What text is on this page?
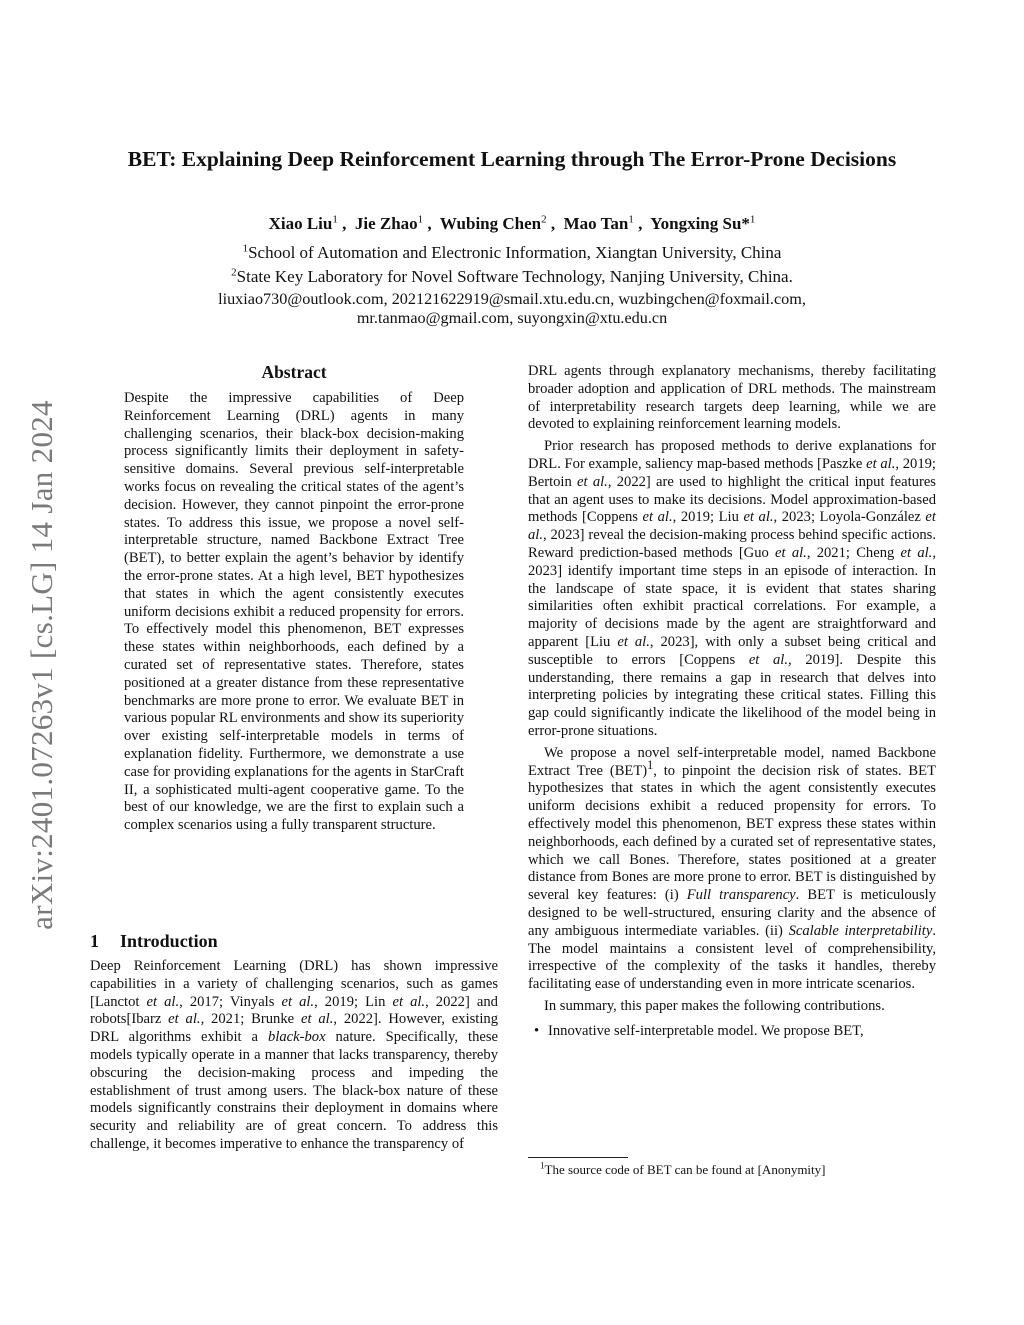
arXiv:2401.07263v1 [cs.LG] 14 Jan 2024
BET: Explaining Deep Reinforcement Learning through The Error-Prone Decisions
Xiao Liu$^1$ ,  Jie Zhao$^1$ ,  Wubing Chen$^2$ ,  Mao Tan$^1$ ,  Yongxing Su*$^1$
$^1$School of Automation and Electronic Information, Xiangtan University, China
$^2$State Key Laboratory for Novel Software Technology, Nanjing University, China.
liuxiao730@outlook.com, 202121622919@smail.xtu.edu.cn, wuzbingchen@foxmail.com,
mr.tanmao@gmail.com, suyongxin@xtu.edu.cn
Abstract

Despite the impressive capabilities of Deep Reinforcement Learning (DRL) agents in many challenging scenarios, their black-box decision-making process significantly limits their deployment in safety-sensitive domains. Several previous self-interpretable works focus on revealing the critical states of the agent’s decision. However, they cannot pinpoint the error-prone states. To address this issue, we propose a novel self-interpretable structure, named Backbone Extract Tree (BET), to better explain the agent’s behavior by identify the error-prone states. At a high level, BET hypothesizes that states in which the agent consistently executes uniform decisions exhibit a reduced propensity for errors. To effectively model this phenomenon, BET expresses these states within neighborhoods, each defined by a curated set of representative states. Therefore, states positioned at a greater distance from these representative benchmarks are more prone to error. We evaluate BET in various popular RL environments and show its superiority over existing self-interpretable models in terms of explanation fidelity. Furthermore, we demonstrate a use case for providing explanations for the agents in StarCraft II, a sophisticated multi-agent cooperative game. To the best of our knowledge, we are the first to explain such a complex scenarios using a fully transparent structure.

1 Introduction

Deep Reinforcement Learning (DRL) has shown impressive capabilities in a variety of challenging scenarios, such as games [Lanctot et al., 2017; Vinyals et al., 2019; Lin et al., 2022] and robots[Ibarz et al., 2021; Brunke et al., 2022]. However, existing DRL algorithms exhibit a black-box nature. Specifically, these models typically operate in a manner that lacks transparency, thereby obscuring the decision-making process and impeding the establishment of trust among users. The black-box nature of these models significantly constrains their deployment in domains where security and reliability are of great concern. To address this challenge, it becomes imperative to enhance the transparency of

DRL agents through explanatory mechanisms, thereby facilitating broader adoption and application of DRL methods. The mainstream of interpretability research targets deep learning, while we are devoted to explaining reinforcement learning models.

Prior research has proposed methods to derive explanations for DRL. For example, saliency map-based methods [Paszke et al., 2019; Bertoin et al., 2022] are used to highlight the critical input features that an agent uses to make its decisions. Model approximation-based methods [Coppens et al., 2019; Liu et al., 2023; Loyola-González et al., 2023] reveal the decision-making process behind specific actions. Reward prediction-based methods [Guo et al., 2021; Cheng et al., 2023] identify important time steps in an episode of interaction. In the landscape of state space, it is evident that states sharing similarities often exhibit practical correlations. For example, a majority of decisions made by the agent are straightforward and apparent [Liu et al., 2023], with only a subset being critical and susceptible to errors [Coppens et al., 2019]. Despite this understanding, there remains a gap in research that delves into interpreting policies by integrating these critical states. Filling this gap could significantly indicate the likelihood of the model being in error-prone situations.

We propose a novel self-interpretable model, named Backbone Extract Tree (BET)$^1$, to pinpoint the decision risk of states. BET hypothesizes that states in which the agent consistently executes uniform decisions exhibit a reduced propensity for errors. To effectively model this phenomenon, BET express these states within neighborhoods, each defined by a curated set of representative states, which we call Bones. Therefore, states positioned at a greater distance from Bones are more prone to error. BET is distinguished by several key features: (i) Full transparency. BET is meticulously designed to be well-structured, ensuring clarity and the absence of any ambiguous intermediate variables. (ii) Scalable interpretability. The model maintains a consistent level of comprehensibility, irrespective of the complexity of the tasks it handles, thereby facilitating ease of understanding even in more intricate scenarios.

In summary, this paper makes the following contributions.

• Innovative self-interpretable model. We propose BET,

$^1$The source code of BET can be found at [Anonymity]
